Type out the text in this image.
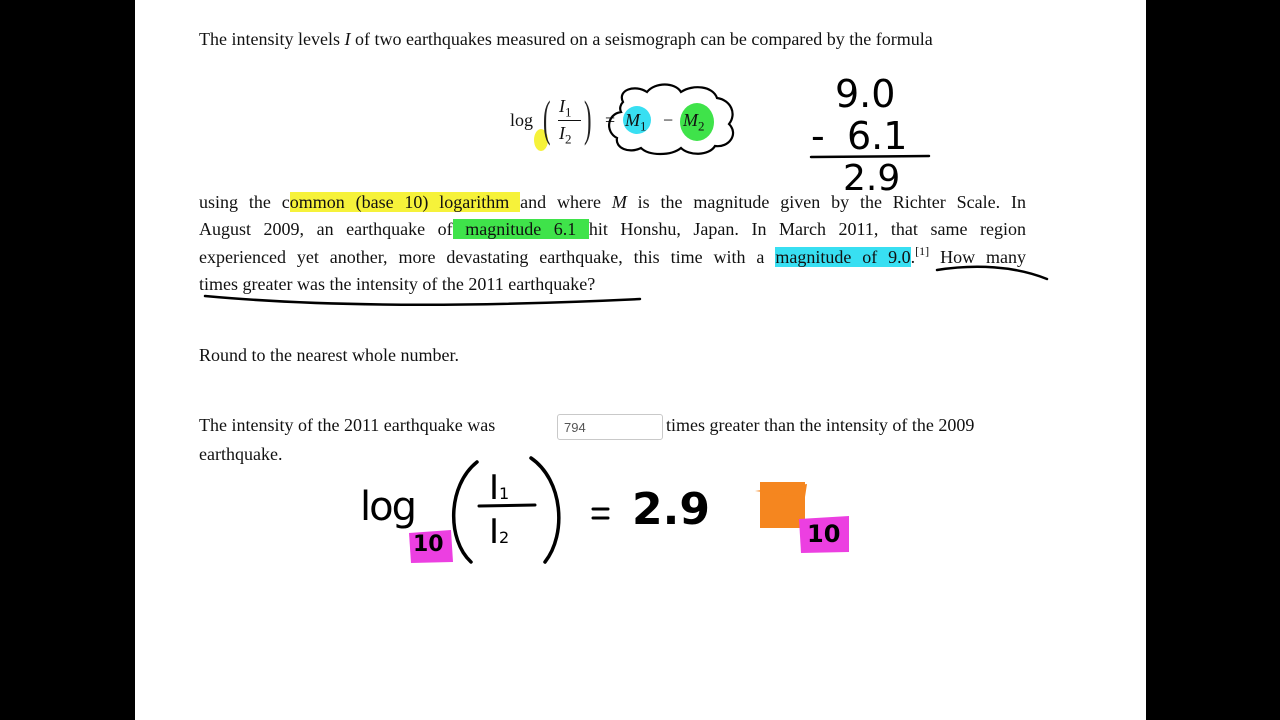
The intensity levels I of two earthquakes measured on a seismograph can be compared by the formula
log ( $I_1$
$I_2$ ) = $M_1 - M_2$
using the common (base 10) logarithm and where M is the magnitude given by the Richter Scale. In
August 2009, an earthquake of magnitude 6.1 hit Honshu, Japan. In March 2011, that same region
experienced yet another, more devastating earthquake, this time with a magnitude of 9.0.[1] How many
times greater was the intensity of the 2011 earthquake?
Round to the nearest whole number.
The intensity of the 2011 earthquake was
794	times greater than the intensity of the 2009
earthquake.
9.0
- 6.1
2.9
log
10
I1
I2
2.9	10
